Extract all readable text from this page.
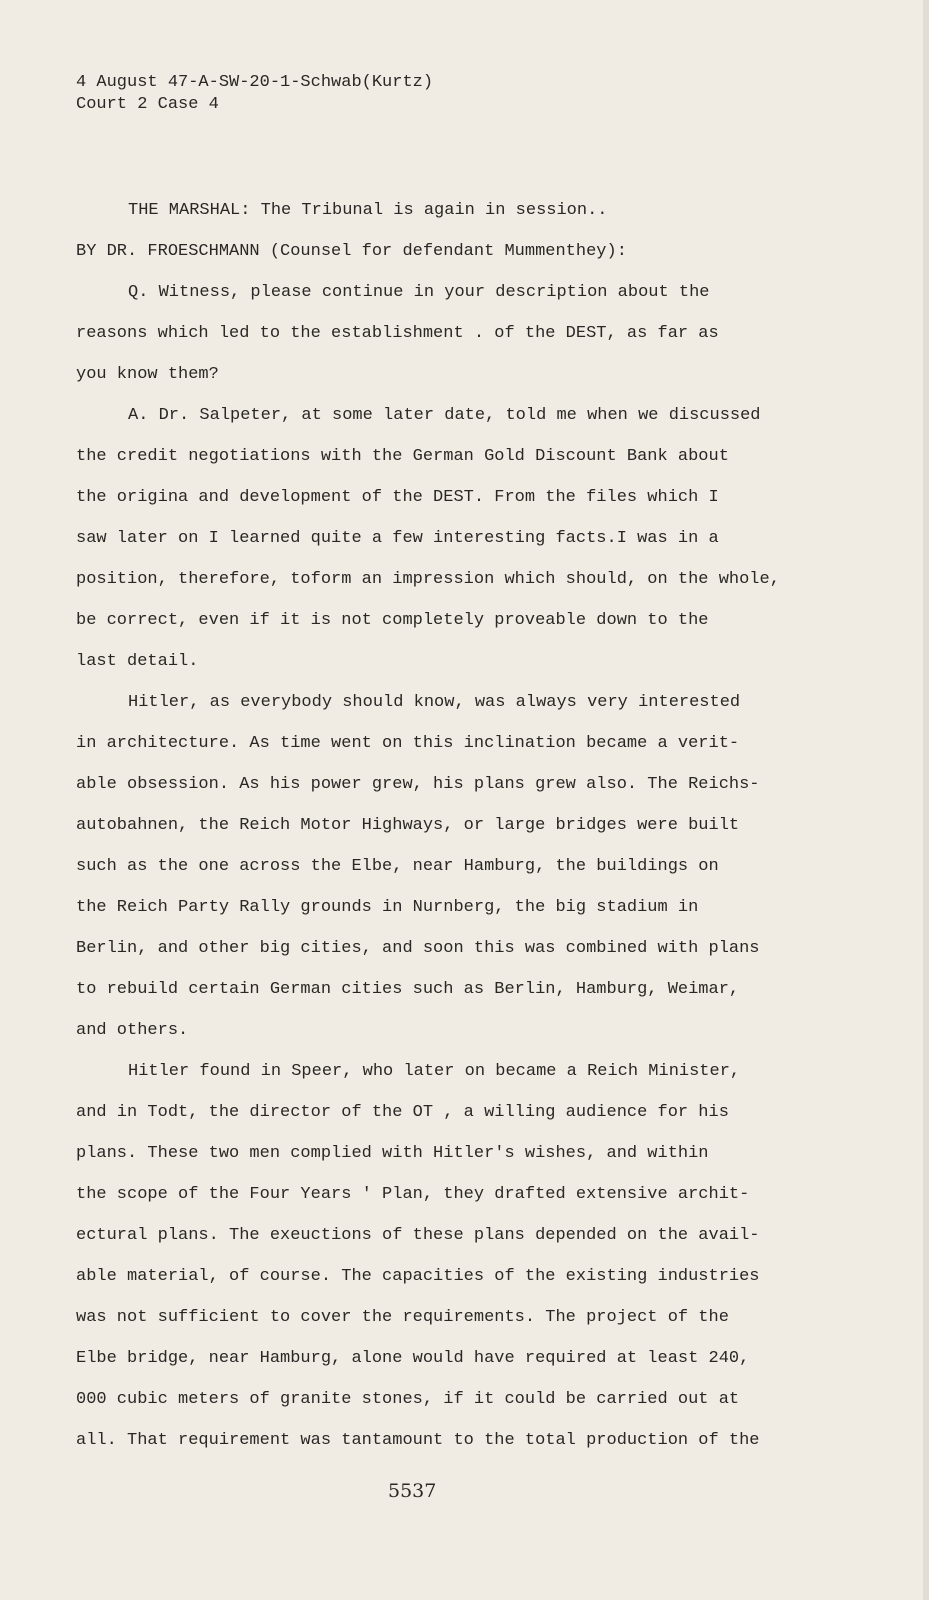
4 August 47-A-SW-20-1-Schwab(Kurtz)
Court 2 Case 4
THE MARSHAL: The Tribunal is again in session..
BY DR. FROESCHMANN (Counsel for defendant Mummenthey):
Q. Witness, please continue in your description about the
reasons which led to the establishment . of the DEST, as far as
you know them?
A. Dr. Salpeter, at some later date, told me when we discussed
the credit negotiations with the German Gold Discount Bank about
the origina and development of the DEST. From the files which I
saw later on I learned quite a few interesting facts.I was in a
position, therefore, toform an impression which should, on the whole,
be correct, even if it is not completely proveable down to the
last detail.
Hitler, as everybody should know, was always very interested
in architecture. As time went on this inclination became a verit-
able obsession. As his power grew, his plans grew also. The Reichs-
autobahnen, the Reich Motor Highways, or large bridges were built
such as the one across the Elbe, near Hamburg, the buildings on
the Reich Party Rally grounds in Nurnberg, the big stadium in
Berlin, and other big cities, and soon this was combined with plans
to rebuild certain German cities such as Berlin, Hamburg, Weimar,
and others.
Hitler found in Speer, who later on became a Reich Minister,
and in Todt, the director of the OT , a willing audience for his
plans. These two men complied with Hitler's wishes, and within
the scope of the Four Years ' Plan, they drafted extensive archit-
ectural plans. The exeuctions of these plans depended on the avail-
able material, of course. The capacities of the existing industries
was not sufficient to cover the requirements. The project of the
Elbe bridge, near Hamburg, alone would have required at least 240,
000 cubic meters of granite stones, if it could be carried out at
all. That requirement was tantamount to the total production of the
5537
